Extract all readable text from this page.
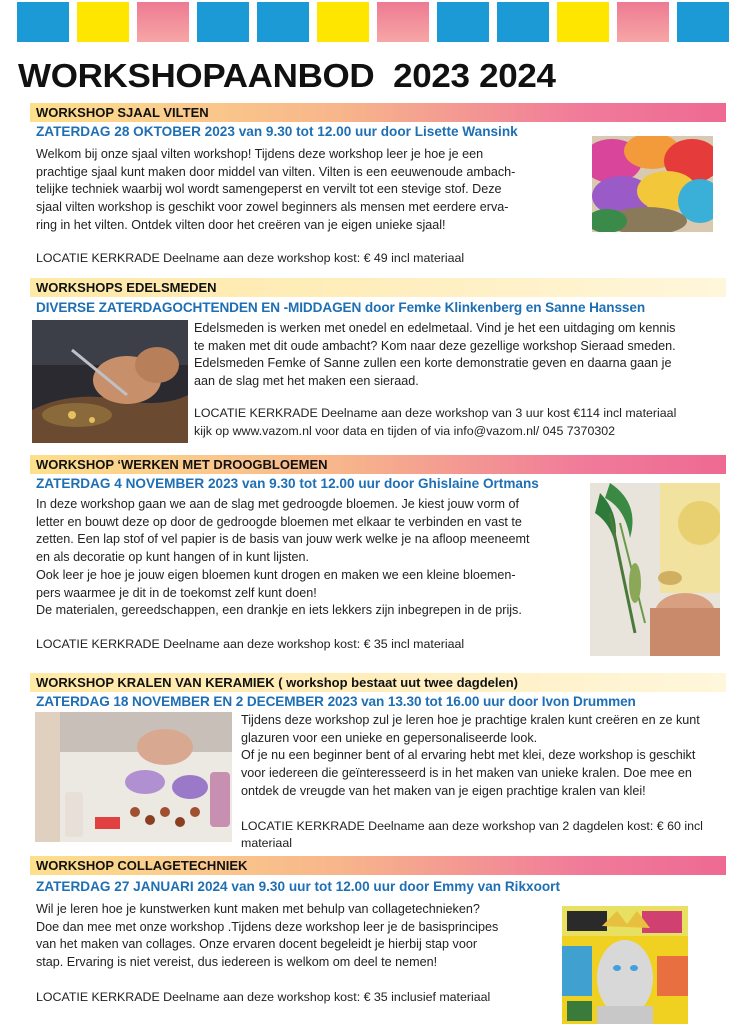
WORKSHOPAANBOD  2023 2024
WORKSHOP SJAAL VILTEN
ZATERDAG 28 OKTOBER 2023 van 9.30 tot 12.00 uur door Lisette Wansink

Welkom bij onze sjaal vilten workshop! Tijdens deze workshop leer je hoe je een

prachtige sjaal kunt maken door middel van vilten. Vilten is een eeuwenoude ambach-

telijke techniek waarbij wol wordt samengeperst en vervilt tot een stevige stof. Deze

sjaal vilten workshop is geschikt voor zowel beginners als mensen met eerdere erva-

ring in het vilten. Ontdek vilten door het creëren van je eigen unieke sjaal!

LOCATIE KERKRADE Deelname aan deze workshop kost: € 49 incl materiaal
WORKSHOPS EDELSMEDEN
DIVERSE ZATERDAGOCHTENDEN EN -MIDDAGEN door Femke Klinkenberg en Sanne Hanssen

Edelsmeden is werken met onedel en edelmetaal. Vind je het een uitdaging om kennis

te maken met dit oude ambacht? Kom naar deze gezellige workshop Sieraad smeden.

Edelsmeden Femke of Sanne zullen een korte demonstratie geven en daarna gaan je

aan de slag met het maken een sieraad.

LOCATIE KERKRADE Deelname aan deze workshop van 3 uur kost €114 incl materiaal
kijk op www.vazom.nl voor data en tijden of via info@vazom.nl/ 045 7370302
WORKSHOP ‘WERKEN MET DROOGBLOEMEN
ZATERDAG 4 NOVEMBER 2023 van 9.30 tot 12.00 uur door Ghislaine Ortmans

In deze workshop gaan we aan de slag met gedroogde bloemen. Je kiest jouw vorm of

letter en bouwt deze op door de gedroogde bloemen met elkaar te verbinden en vast te

zetten. Een lap stof of vel papier is de basis van jouw werk welke je na afloop meeneemt

en als decoratie op kunt hangen of in kunt lijsten.

Ook leer je hoe je jouw eigen bloemen kunt drogen en maken we een kleine bloemen-

pers waarmee je dit in de toekomst zelf kunt doen!

De materialen, gereedschappen, een drankje en iets lekkers zijn inbegrepen in de prijs.

LOCATIE KERKRADE Deelname aan deze workshop kost: € 35 incl materiaal
WORKSHOP KRALEN VAN KERAMIEK ( workshop bestaat uut twee dagdelen)
ZATERDAG 18 NOVEMBER EN 2 DECEMBER 2023 van 13.30 tot 16.00 uur door Ivon Drummen

Tijdens deze workshop zul je leren hoe je prachtige kralen kunt creëren en ze kunt

glazuren voor een unieke en gepersonaliseerde look.

Of je nu een beginner bent of al ervaring hebt met klei, deze workshop is geschikt

voor iedereen die geïnteresseerd is in het maken van unieke kralen. Doe mee en

ontdek de vreugde van het maken van je eigen prachtige kralen van klei!

LOCATIE KERKRADE Deelname aan deze workshop van 2 dagdelen kost: € 60 incl
materiaal
WORKSHOP COLLAGETECHNIEK
ZATERDAG 27 JANUARI 2024 van 9.30 uur tot 12.00 uur door Emmy van Rikxoort

Wil je leren hoe je kunstwerken kunt maken met behulp van collagetechnieken?

Doe dan mee met onze workshop .Tijdens deze workshop leer je de basisprincipes

van het maken van collages. Onze ervaren docent begeleidt je hierbij stap voor

stap. Ervaring is niet vereist, dus iedereen is welkom om deel te nemen!

LOCATIE KERKRADE Deelname aan deze workshop kost: € 35 inclusief materiaal
